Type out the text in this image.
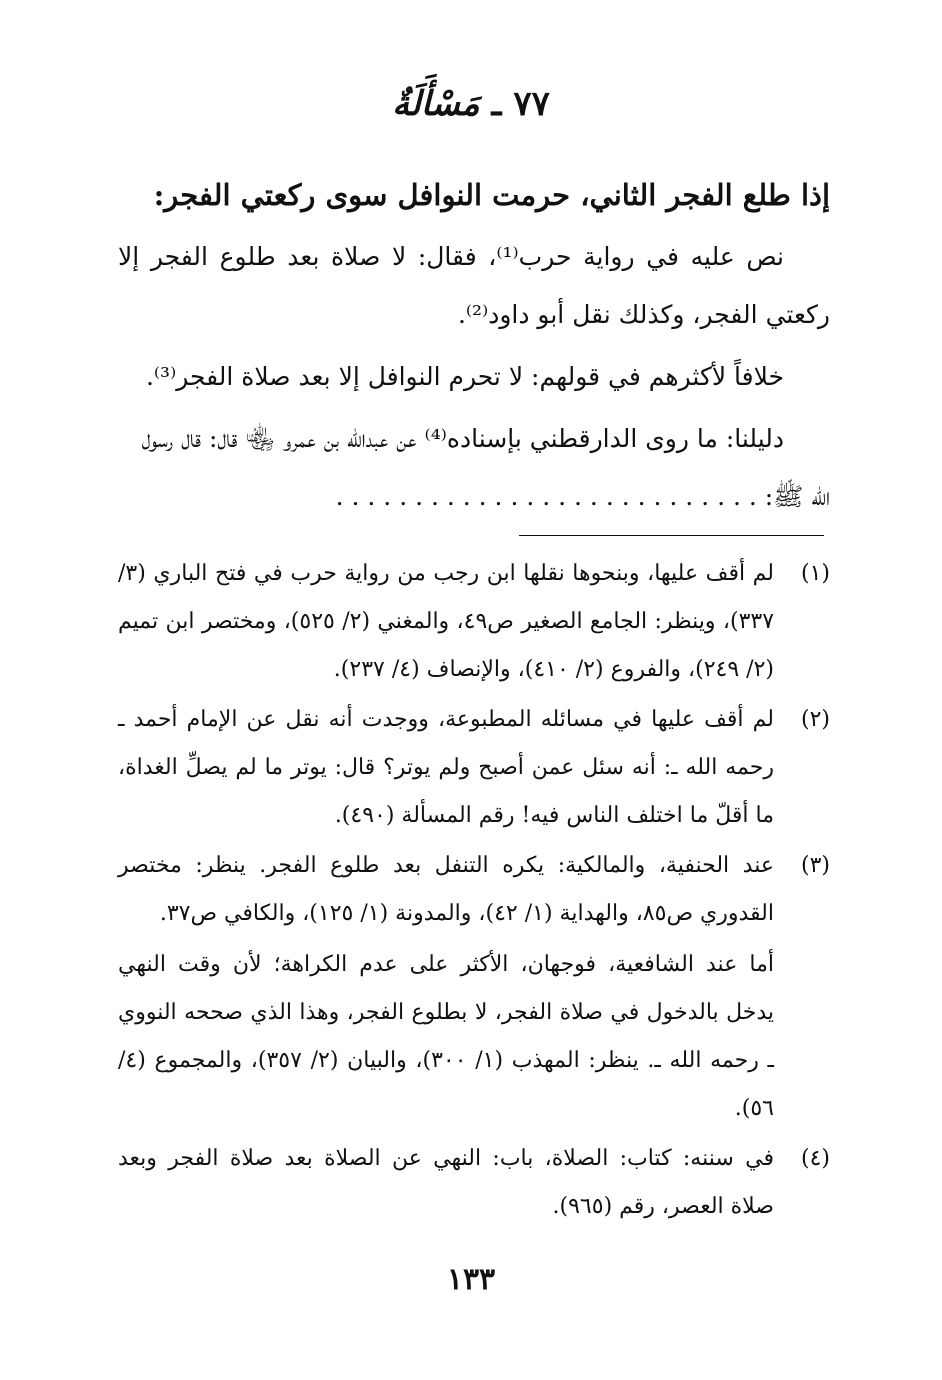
٧٧ ـ مَسْأَلَةٌ

إذا طلع الفجر الثاني، حرمت النوافل سوى ركعتي الفجر:

نص عليه في رواية حرب⁽¹⁾، فقال: لا صلاة بعد طلوع الفجر إلا ركعتي الفجر، وكذلك نقل أبو داود⁽²⁾.

خلافاً لأكثرهم في قولهم: لا تحرم النوافل إلا بعد صلاة الفجر⁽³⁾.

دليلنا: ما روى الدارقطني بإسناده⁽⁴⁾ عن عبدالله بن عمرو ﵄ قال: قال رسول الله ﷺ: . . . . . . . . . . . . . . . . . . . . . . . . . . .

(١)

لم أقف عليها، وبنحوها نقلها ابن رجب من رواية حرب في فتح الباري (٣/ ٣٣٧)، وينظر: الجامع الصغير ص٤٩، والمغني (٢/ ٥٢٥)، ومختصر ابن تميم (٢/ ٢٤٩)، والفروع (٢/ ٤١٠)، والإنصاف (٤/ ٢٣٧).

(٢)

لم أقف عليها في مسائله المطبوعة، ووجدت أنه نقل عن الإمام أحمد ـ رحمه الله ـ: أنه سئل عمن أصبح ولم يوتر؟ قال: يوتر ما لم يصلِّ الغداة، ما أقلّ ما اختلف الناس فيه! رقم المسألة (٤٩٠).

(٣)

عند الحنفية، والمالكية: يكره التنفل بعد طلوع الفجر. ينظر: مختصر القدوري ص٨٥، والهداية (١/ ٤٢)، والمدونة (١/ ١٢٥)، والكافي ص٣٧.

أما عند الشافعية، فوجهان، الأكثر على عدم الكراهة؛ لأن وقت النهي يدخل بالدخول في صلاة الفجر، لا بطلوع الفجر، وهذا الذي صححه النووي ـ رحمه الله ـ. ينظر: المهذب (١/ ٣٠٠)، والبيان (٢/ ٣٥٧)، والمجموع (٤/ ٥٦).

(٤)

في سننه: كتاب: الصلاة، باب: النهي عن الصلاة بعد صلاة الفجر وبعد صلاة العصر، رقم (٩٦٥).

١٣٣
